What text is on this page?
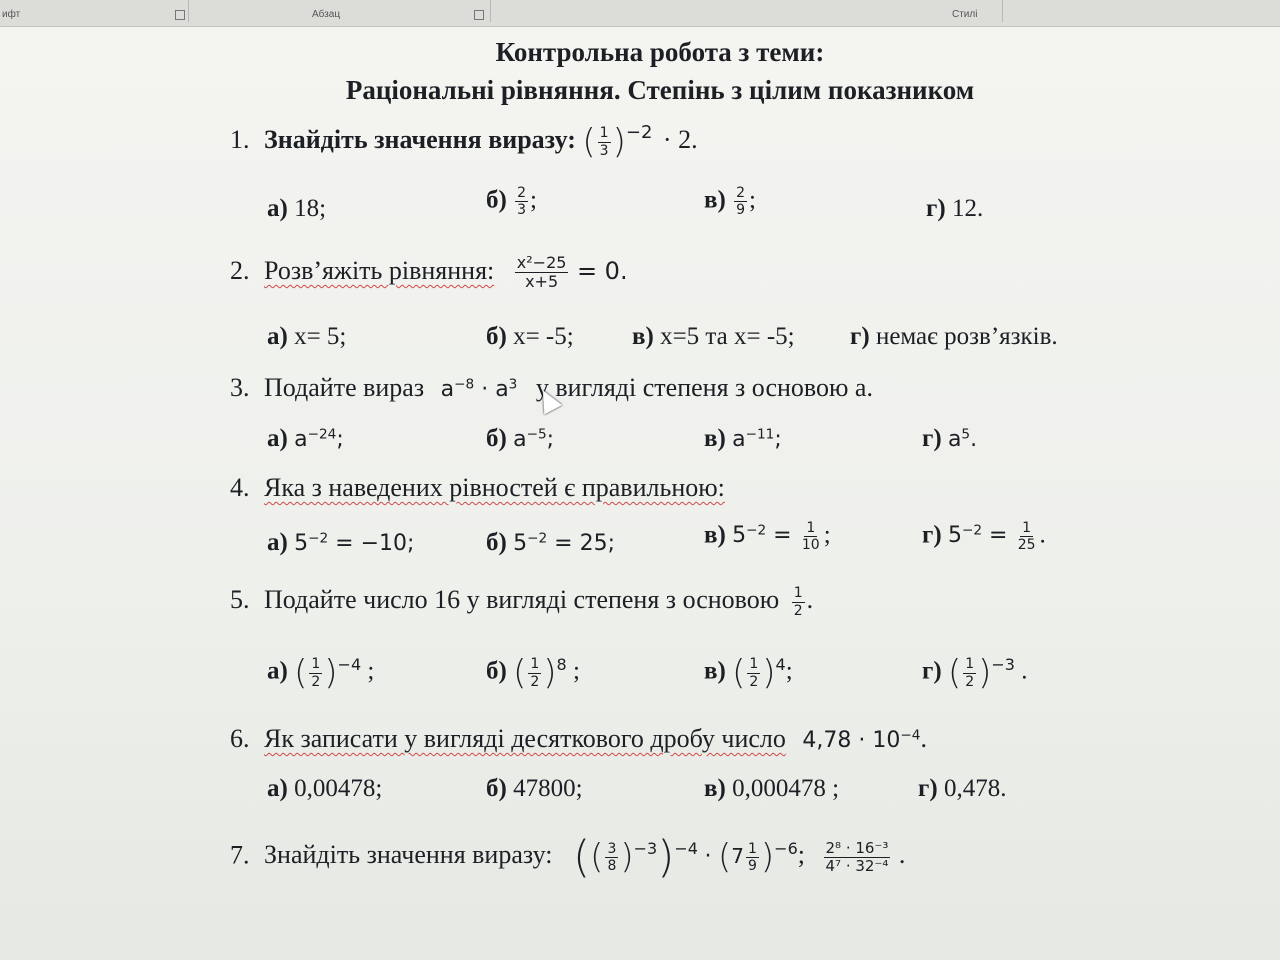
ифт	Абзац	Стилі
Контрольна робота з теми:
Раціональні рівняння. Степінь з цілим показником
1. Знайдіть значення виразу: ( $\frac{1}{3} )^{-2} \cdot 2$.
а) 18;	$б) \frac{2}{3}$ ;	$в) \frac{2}{9}$ ;	г) 12.
2. Розв’яжіть рівняння: $\frac{\text{x²−25}}{x+5} = 0$.
а) x= 5;	б) x= -5; в) x=5 та x= -5; г) немає розв’язків.
3. Подайте вираз $a^{-8} \cdot a^3$ у вигляді степеня з основою а.
а) $a^{-24}$;	б) $a^{-5}$;	в) $a^{-11}$;	г) $a^5$.
4. Яка з наведених рівностей є правильною:
а) $5^{-2} = -10$;	б) $5^{-2} = 25$;	в) $5^{-2} = \frac{1}{10}$ ;	г) $5^{-2} = \frac{1}{25}$ .
5. Подайте число 16 у вигляді степеня з основою $\frac{1}{2}$ .
а) ( $\frac{1}{2} )^{-4}$ ;	б) ( $\frac{1}{2} )^8$ ;	в) ( $\frac{1}{2} )^4$;	г) ( $\frac{1}{2} )^{-3}$ .
6. Як записати у вигляді десяткового дробу число $4,78 \cdot 10^{-4}$.
а) 0,00478;	б) 47800;	в) 0,000478 ;	г) 0,478.
7. Знайдіть значення виразу: (( $\frac{3}{8} )^{-3})^{-4} \cdot (7 \frac{1}{9} )^{-6}$; $\frac{\text{2⁸ · 16⁻³}}{\text{4⁷ · 32⁻⁴}}$ .
